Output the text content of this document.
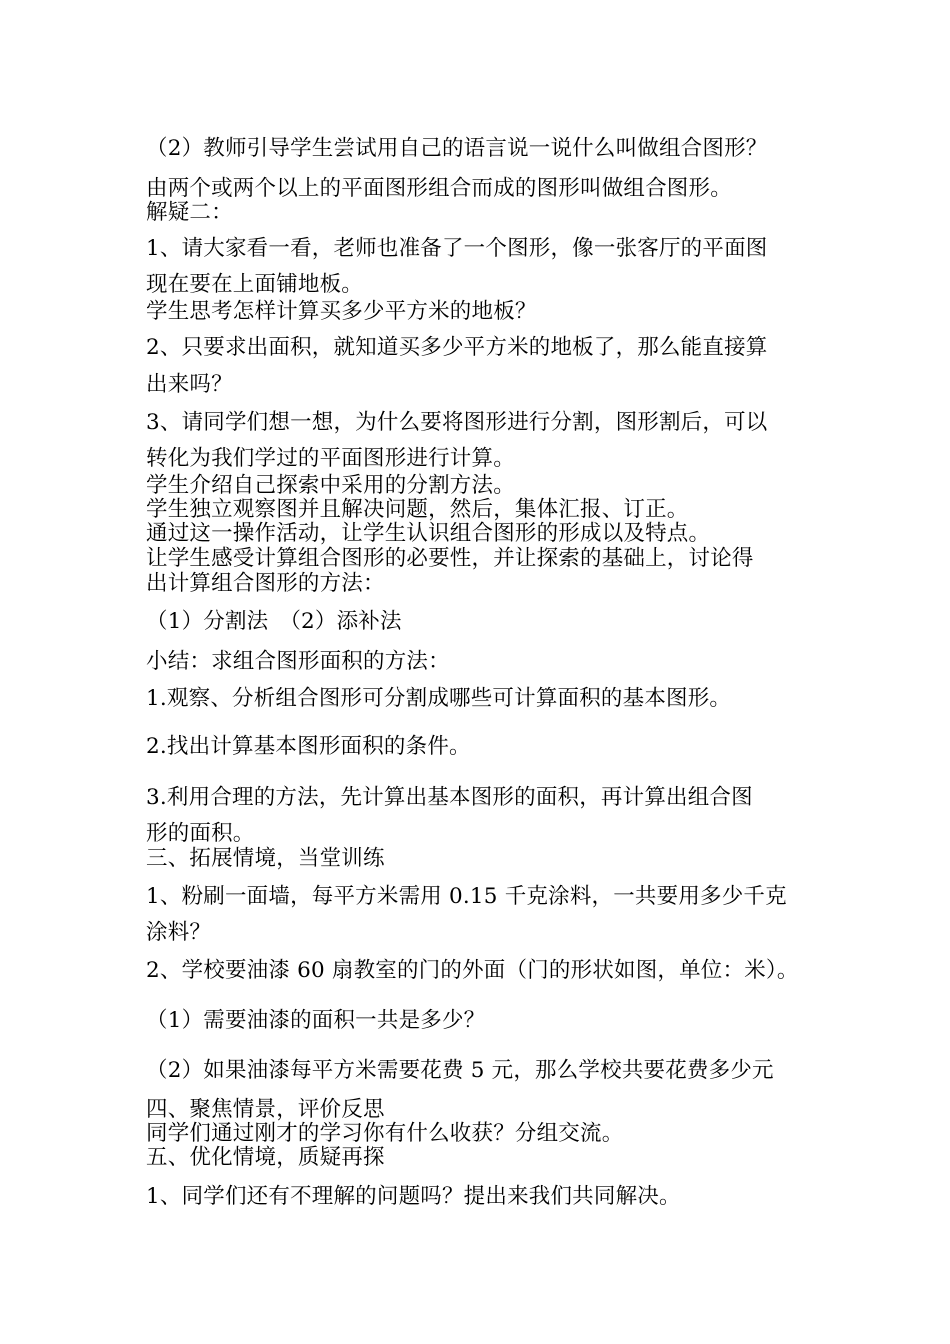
（2）教师引导学生尝试用自己的语言说一说什么叫做组合图形？
由两个或两个以上的平面图形组合而成的图形叫做组合图形。
解疑二：
1、请大家看一看，老师也准备了一个图形，像一张客厅的平面图
现在要在上面铺地板。
学生思考怎样计算买多少平方米的地板？
2、只要求出面积，就知道买多少平方米的地板了，那么能直接算
出来吗？
3、请同学们想一想，为什么要将图形进行分割，图形割后，可以
转化为我们学过的平面图形进行计算。
学生介绍自己探索中采用的分割方法。
学生独立观察图并且解决问题，然后，集体汇报、订正。
通过这一操作活动，让学生认识组合图形的形成以及特点。
让学生感受计算组合图形的必要性，并让探索的基础上，讨论得
出计算组合图形的方法：
（1）分割法　（2）添补法
小结：求组合图形面积的方法：
1.观察、分析组合图形可分割成哪些可计算面积的基本图形。
2.找出计算基本图形面积的条件。
3.利用合理的方法，先计算出基本图形的面积，再计算出组合图
形的面积。
三、拓展情境，当堂训练
1、粉刷一面墙，每平方米需用 0.15 千克涂料，一共要用多少千克
涂料？
2、学校要油漆 60 扇教室的门的外面（门的形状如图，单位：米）。
（1）需要油漆的面积一共是多少？
（2）如果油漆每平方米需要花费 5 元，那么学校共要花费多少元
四、聚焦情景，评价反思
同学们通过刚才的学习你有什么收获？分组交流。
五、优化情境，质疑再探
1、同学们还有不理解的问题吗？提出来我们共同解决。
